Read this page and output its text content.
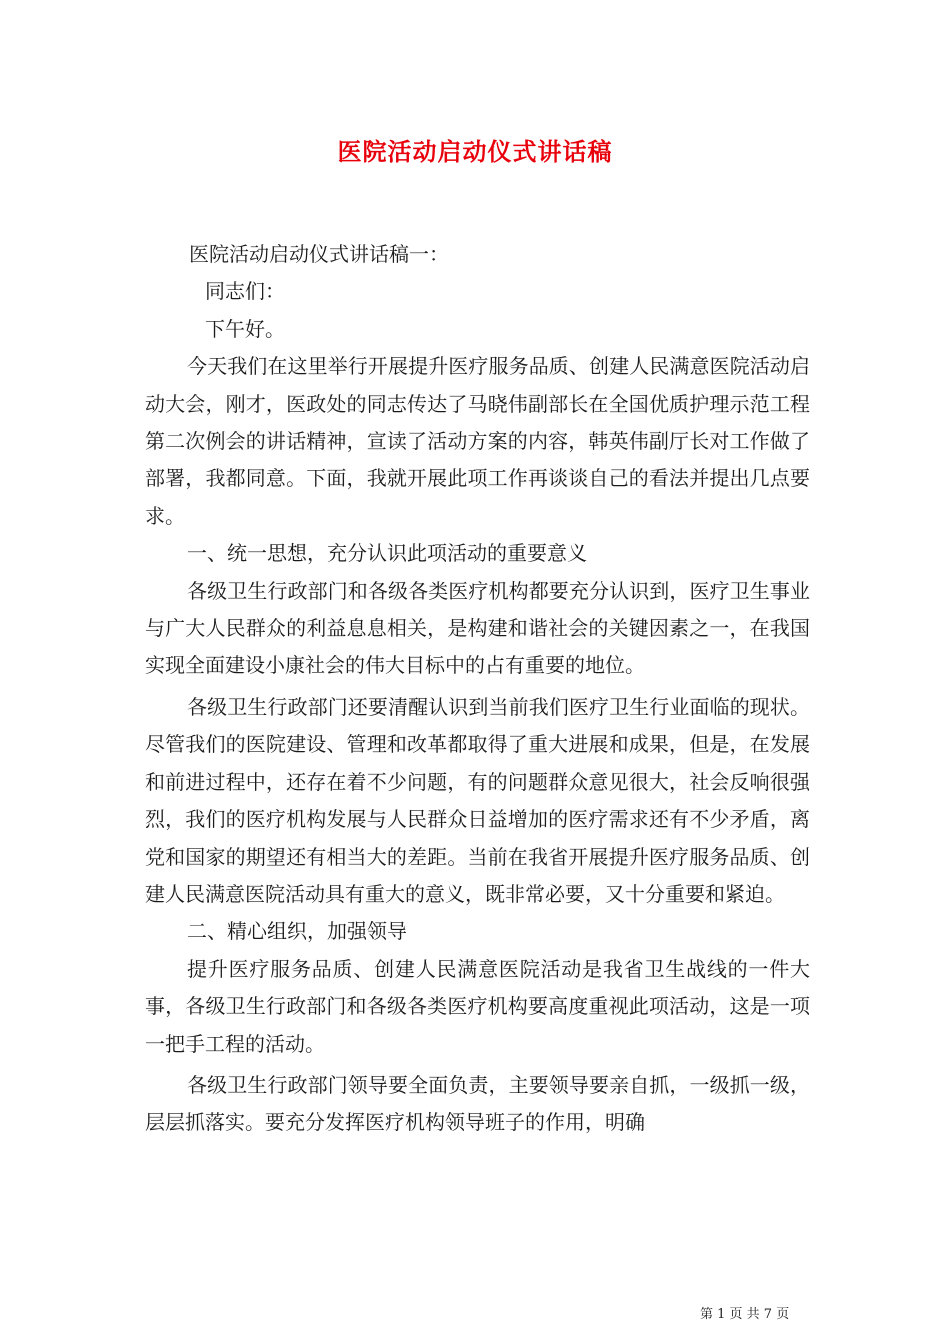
医院活动启动仪式讲话稿

医院活动启动仪式讲话稿一：

同志们：

下午好。

今天我们在这里举行开展提升医疗服务品质、创建人民满意医院活动启动大会，刚才，医政处的同志传达了马晓伟副部长在全国优质护理示范工程第二次例会的讲话精神，宣读了活动方案的内容，韩英伟副厅长对工作做了部署，我都同意。下面，我就开展此项工作再谈谈自己的看法并提出几点要求。

一、统一思想，充分认识此项活动的重要意义

各级卫生行政部门和各级各类医疗机构都要充分认识到，医疗卫生事业与广大人民群众的利益息息相关，是构建和谐社会的关键因素之一，在我国实现全面建设小康社会的伟大目标中的占有重要的地位。

各级卫生行政部门还要清醒认识到当前我们医疗卫生行业面临的现状。尽管我们的医院建设、管理和改革都取得了重大进展和成果，但是，在发展和前进过程中，还存在着不少问题，有的问题群众意见很大，社会反响很强烈，我们的医疗机构发展与人民群众日益增加的医疗需求还有不少矛盾，离党和国家的期望还有相当大的差距。当前在我省开展提升医疗服务品质、创建人民满意医院活动具有重大的意义，既非常必要，又十分重要和紧迫。

二、精心组织，加强领导

提升医疗服务品质、创建人民满意医院活动是我省卫生战线的一件大事，各级卫生行政部门和各级各类医疗机构要高度重视此项活动，这是一项一把手工程的活动。

各级卫生行政部门领导要全面负责，主要领导要亲自抓，一级抓一级，层层抓落实。要充分发挥医疗机构领导班子的作用，明确

第 1 页 共 7 页
